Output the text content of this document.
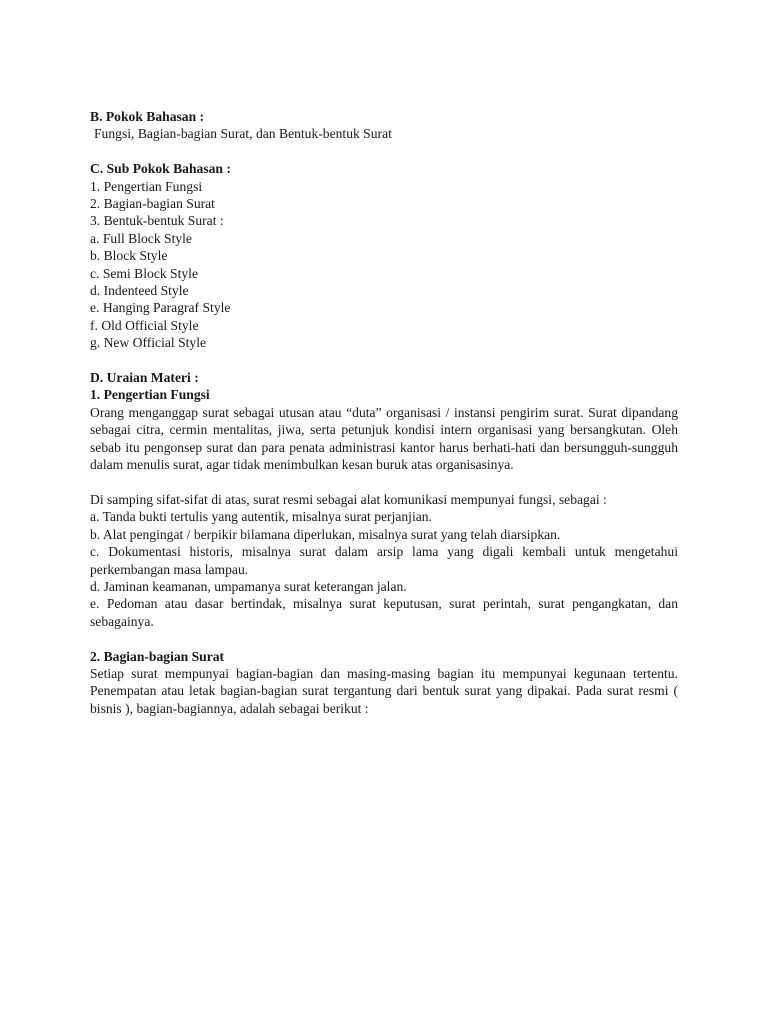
B. Pokok Bahasan :

Fungsi, Bagian-bagian Surat, dan Bentuk-bentuk Surat

C. Sub Pokok Bahasan :

1. Pengertian Fungsi

2. Bagian-bagian Surat

3. Bentuk-bentuk Surat :

a. Full Block Style

b. Block Style

c. Semi Block Style

d. Indenteed Style

e. Hanging Paragraf Style

f. Old Official Style

g. New Official Style

D. Uraian Materi :

1. Pengertian Fungsi

Orang menganggap surat sebagai utusan atau “duta” organisasi / instansi pengirim surat. Surat dipandang sebagai citra, cermin mentalitas, jiwa, serta petunjuk kondisi intern organisasi yang bersangkutan. Oleh sebab itu pengonsep surat dan para penata administrasi kantor harus berhati-hati dan bersungguh-sungguh dalam menulis surat, agar tidak menimbulkan kesan buruk atas organisasinya.

Di samping sifat-sifat di atas, surat resmi sebagai alat komunikasi mempunyai fungsi, sebagai :

a. Tanda bukti tertulis yang autentik, misalnya surat perjanjian.

b. Alat pengingat / berpikir bilamana diperlukan, misalnya surat yang telah diarsipkan.

c. Dokumentasi historis, misalnya surat dalam arsip lama yang digali kembali untuk mengetahui perkembangan masa lampau.

d. Jaminan keamanan, umpamanya surat keterangan jalan.

e. Pedoman atau dasar bertindak, misalnya surat keputusan, surat perintah, surat pengangkatan, dan sebagainya.

2. Bagian-bagian Surat

Setiap surat mempunyai bagian-bagian dan masing-masing bagian itu mempunyai kegunaan tertentu. Penempatan atau letak bagian-bagian surat tergantung dari bentuk surat yang dipakai. Pada surat resmi ( bisnis ), bagian-bagiannya, adalah sebagai berikut :
